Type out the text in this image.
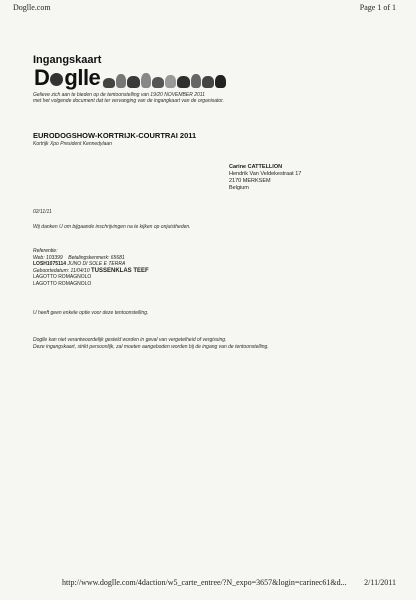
Doglle.com	Page 1 of 1
Ingangskaart
D glle
Gelieve zich aan te bieden op de tentoonstelling van 19/20 NOVEMBER 2011
met het volgende document dat ter vervanging van de ingangkaart van de organisator.
EURODOGSHOW-KORTRIJK-COURTRAI 2011
Kortrijk Xpo President Kennedylaan
Carine CATTELLION
Hendrik Van Veldekestraat 17
2170 MERKSEM
Belgium
02/11/11
Wij danken U om bijgaande inschrijvingen na te kijken op onjuistheden.
Referentie:
Web: 103399 Betalingskenmerk: 65681
LOSH1075114 JUNO DI SOLE E TERRA
Geboortedatum: 11/04/10 TUSSENKLAS TEEF
LAGOTTO ROMAGNOLO
LAGOTTO ROMAGNOLO
U heeft geen enkele optie voor deze tentoonstelling.
Doglle kan niet verantwoordelijk gesteld worden in geval van vergetelheid of vergissing.
Deze ingangskaart, strikt persoonlijk, zal moeten aangeboden worden bij de ingang van de tentoonstelling.
http://www.doglle.com/4daction/w5_carte_entree/?N_expo=3657&login=carinec61&d... 2/11/2011
